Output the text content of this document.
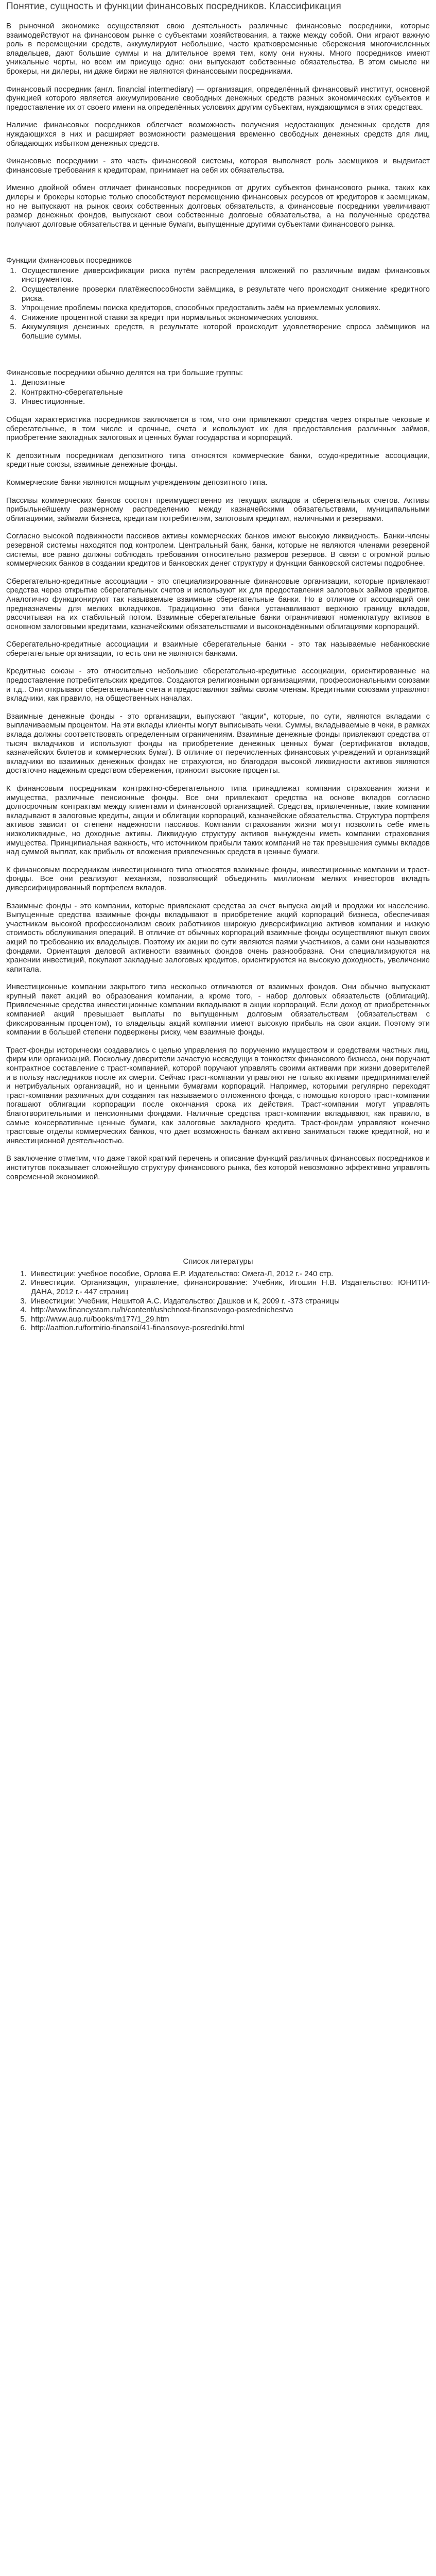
Понятие, сущность и функции финансовых посредников. Классификация

В рыночной экономике осуществляют свою деятельность различные финансовые посредники, которые взаимодействуют на финансовом рынке с субъектами хозяйствования, а также между собой. Они играют важную роль в перемещении средств, аккумулируют небольшие, часто кратковременные сбережения многочисленных владельцев, дают большие суммы и на длительное время тем, кому они нужны. Много посредников имеют уникальные черты, но всем им присуще одно: они выпускают собственные обязательства. В этом смысле ни брокеры, ни дилеры, ни даже биржи не являются финансовыми посредниками.

Финансовый посредник (англ. financial intermediary) — организация, определённый финансовый институт, основной функцией которого является аккумулирование свободных денежных средств разных экономических субъектов и предоставление их от своего имени на определённых условиях другим субъектам, нуждающимся в этих средствах.

Наличие финансовых посредников облегчает возможность получения недостающих денежных средств для нуждающихся в них и расширяет возможности размещения временно свободных денежных средств для лиц, обладающих избытком денежных средств.

Финансовые посредники - это часть финансовой системы, которая выполняет роль заемщиков и выдвигает финансовые требования к кредиторам, принимает на себя их обязательства.

Именно двойной обмен отличает финансовых посредников от других субъектов финансового рынка, таких как дилеры и брокеры которые только способствуют перемещению финансовых ресурсов от кредиторов к заемщикам, но не выпускают на рынок своих собственных долговых обязательств, а финансовые посредники увеличивают размер денежных фондов, выпускают свои собственные долговые обязательства, а на полученные средства получают долговые обязательства и ценные бумаги, выпущенные другими субъектами финансового рынка.

Функции финансовых посредников

1. Осуществление диверсификации риска путём распределения вложений по различным видам финансовых инструментов.
2. Осуществление проверки платёжеспособности заёмщика, в результате чего происходит снижение кредитного риска.
3. Упрощение проблемы поиска кредиторов, способных предоставить заём на приемлемых условиях.
4. Снижение процентной ставки за кредит при нормальных экономических условиях.
5. Аккумуляция денежных средств, в результате которой происходит удовлетворение спроса заёмщиков на большие суммы.

Финансовые посредники обычно делятся на три большие группы:

1. Депозитные
2. Контрактно-сберегательные
3. Инвестиционные.

Общая характеристика посредников заключается в том, что они привлекают средства через открытые чековые и сберегательные, в том числе и срочные, счета и используют их для предоставления различных займов, приобретение закладных залоговых и ценных бумаг государства и корпораций.

К депозитным посредникам депозитного типа относятся коммерческие банки, ссудо-кредитные ассоциации, кредитные союзы, взаимные денежные фонды.

Коммерческие банки являются мощным учреждениям депозитного типа.

Пассивы коммерческих банков состоят преимущественно из текущих вкладов и сберегательных счетов. Активы прибыльнейшему размерному распределению между казначейскими обязательствами, муниципальными облигациями, займами бизнеса, кредитам потребителям, залоговым кредитам, наличными и резервами.

Согласно высокой подвижности пассивов активы коммерческих банков имеют высокую ликвидность. Банки-члены резервной системы находятся под контролем. Центральный банк, банки, которые не являются членами резервной системы, все равно должны соблюдать требования относительно размеров резервов. В связи с огромной ролью коммерческих банков в создании кредитов и банковских денег структуру и функции банковской системы подробнее.

Сберегательно-кредитные ассоциации - это специализированные финансовые организации, которые привлекают средства через открытие сберегательных счетов и используют их для предоставления залоговых займов кредитов. Аналогично функционируют так называемые взаимные сберегательные банки. Но в отличие от ассоциаций они предназначены для мелких вкладчиков. Традиционно эти банки устанавливают верхнюю границу вкладов, рассчитывая на их стабильный потом. Взаимные сберегательные банки ограничивают номенклатуру активов в основном залоговыми кредитами, казначейскими обязательствами и высоконадёжными облигациями корпораций.

Сберегательно-кредитные ассоциации и взаимные сберегательные банки - это так называемые небанковские сберегательные организации, то есть они не являются банками.

Кредитные союзы - это относительно небольшие сберегательно-кредитные ассоциации, ориентированные на предоставление потребительских кредитов. Создаются религиозными организациями, профессиональными союзами и т.д.. Они открывают сберегательные счета и предоставляют займы своим членам. Кредитными союзами управляют вкладчики, как правило, на общественных началах.

Взаимные денежные фонды - это организации, выпускают "акции", которые, по сути, являются вкладами с выплачиваемым процентом. На эти вклады клиенты могут выписывать чеки. Суммы, вкладываемые в чеки, в рамках вклада должны соответствовать определенным ограничениям. Взаимные денежные фонды привлекают средства от тысяч вкладчиков и используют фонды на приобретение денежных ценных бумаг (сертификатов вкладов, казначейских билетов и коммерческих бумаг). В отличие от перечисленных финансовых учреждений и организаций вкладчики во взаимных денежных фондах не страхуются, но благодаря высокой ликвидности активов являются достаточно надежным средством сбережения, приносит высокие проценты.

К финансовым посредникам контрактно-сберегательного типа принадлежат компании страхования жизни и имущества, различные пенсионные фонды. Все они привлекают средства на основе вкладов согласно долгосрочным контрактам между клиентами и финансовой организацией. Средства, привлеченные, такие компании вкладывают в залоговые кредиты, акции и облигации корпораций, казначейские обязательства. Структура портфеля активов зависит от степени надежности пассивов. Компании страхования жизни могут позволить себе иметь низколиквидные, но доходные активы. Ликвидную структуру активов вынуждены иметь компании страхования имущества. Принципиальная важность, что источником прибыли таких компаний не так превышения суммы вкладов над суммой выплат, как прибыль от вложения привлеченных средств в ценные бумаги.

К финансовым посредникам инвестиционного типа относятся взаимные фонды, инвестиционные компании и траст-фонды. Все они реализуют механизм, позволяющий объединить миллионам мелких инвесторов вкладть диверсифицированный портфелем вкладов.

Взаимные фонды - это компании, которые привлекают средства за счет выпуска акций и продажи их населению. Выпущенные средства взаимные фонды вкладывают в приобретение акций корпораций бизнеса, обеспечивая участникам высокой профессионализм своих работников широкую диверсификацию активов компании и низкую стоимость обслуживания операций. В отличие от обычных корпораций взаимные фонды осуществляют выкуп своих акций по требованию их владельцев. Поэтому их акции по сути являются паями участников, а сами они называются фондами. Ориентация деловой активности взаимных фондов очень разнообразна. Они специализируются на хранении инвестиций, покупают закладные залоговых кредитов, ориентируются на высокую доходность, увеличение капитала.

Инвестиционные компании закрытого типа несколько отличаются от взаимных фондов. Они обычно выпускают крупный пакет акций во образования компании, а кроме того, - набор долговых обязательств (облигаций). Привлеченные средства инвестиционные компании вкладывают в акции корпораций. Если доход от приобретенных компанией акций превышает выплаты по выпущенным долговым обязательствам (обязательствам с фиксированным процентом), то владельцы акций компании имеют высокую прибыль на свои акции. Поэтому эти компании в большей степени подвержены риску, чем взаимные фонды.

Траст-фонды исторически создавались с целью управления по поручению имуществом и средствами частных лиц, фирм или организаций. Поскольку доверители зачастую несведущи в тонкостях финансового бизнеса, они поручают контрактное составление с траст-компанией, которой поручают управлять своими активами при жизни доверителей и в пользу наследников после их смерти. Сейчас траст-компании управляют не только активами предпринимателей и нетрибуальных организаций, но и ценными бумагами корпораций. Например, которыми регулярно переходят траст-компании различных для создания так называемого отложенного фонда, с помощью которого траст-компании погашают облигации корпорации после окончания срока их действия. Траст-компании могут управлять благотворительными и пенсионными фондами. Наличные средства траст-компании вкладывают, как правило, в самые консервативные ценные бумаги, как залоговые закладного кредита. Траст-фондам управляют конечно трастовые отделы коммерческих банков, что дает возможность банкам активно заниматься также кредитной, но и инвестиционной деятельностью.

В заключение отметим, что даже такой краткий перечень и описание функций различных финансовых посредников и институтов показывает сложнейшую структуру финансового рынка, без которой невозможно эффективно управлять современной экономикой.

Список литературы

1. Инвестиции: учебное пособие, Орлова Е.Р. Издательство: Омега-Л, 2012 г.- 240 стр.
2. Инвестиции. Организация, управление, финансирование: Учебник, Игошин Н.В. Издательство: ЮНИТИ-ДАНА, 2012 г.- 447 страниц
3. Инвестиции: Учебник, Нешитой А.С. Издательство: Дашков и К, 2009 г. -373 страницы
4. http://www.financystam.ru/h/content/ushchnost-finansovogo-posrednichestva
5. http://www.aup.ru/books/m177/1_29.htm
6. http://aattion.ru/formirio-finansoi/41-finansovye-posredniki.html
